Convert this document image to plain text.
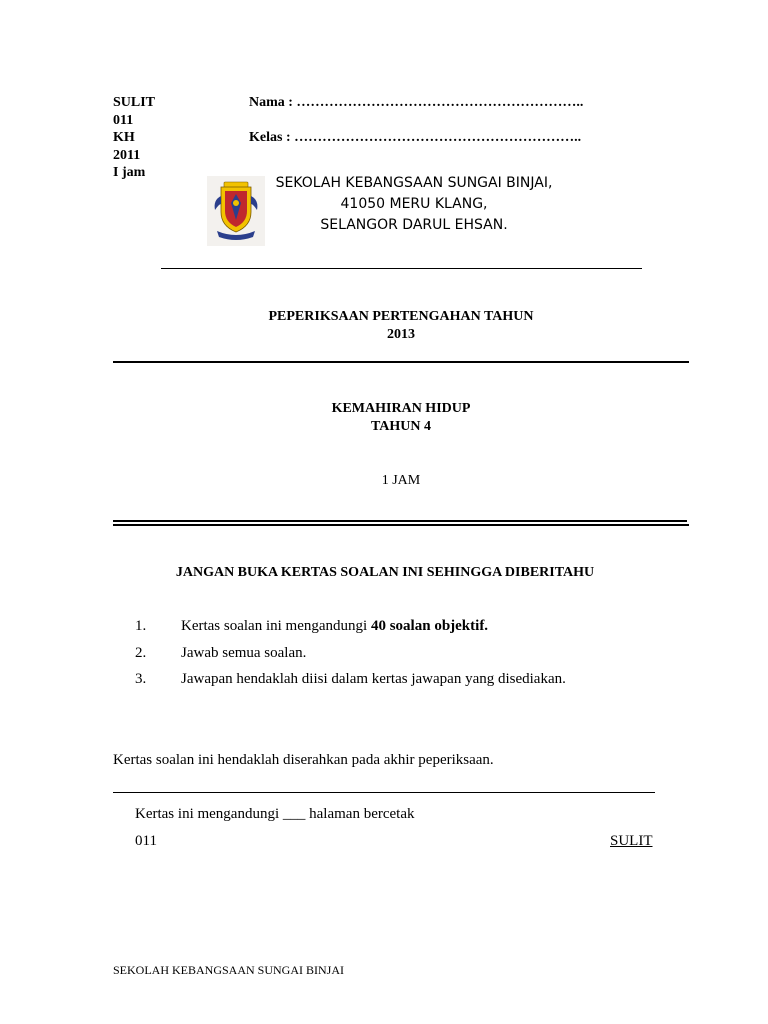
SULIT
011
KH
2011
I jam
Nama : ……………………………………………………..
Kelas : ……………………………………………………..
SEKOLAH KEBANGSAAN SUNGAI BINJAI,
41050 MERU KLANG,
SELANGOR DARUL EHSAN.
PEPERIKSAAN PERTENGAHAN TAHUN
2013
KEMAHIRAN HIDUP
TAHUN 4
1 JAM
JANGAN BUKA KERTAS SOALAN INI SEHINGGA DIBERITAHU
1. Kertas soalan ini mengandungi 40 soalan objektif.
2. Jawab semua soalan.
3. Jawapan hendaklah diisi dalam kertas jawapan yang disediakan.
Kertas soalan ini hendaklah diserahkan pada akhir peperiksaan.
Kertas ini mengandungi ___ halaman bercetak
011	SULIT
SEKOLAH KEBANGSAAN SUNGAI BINJAI
